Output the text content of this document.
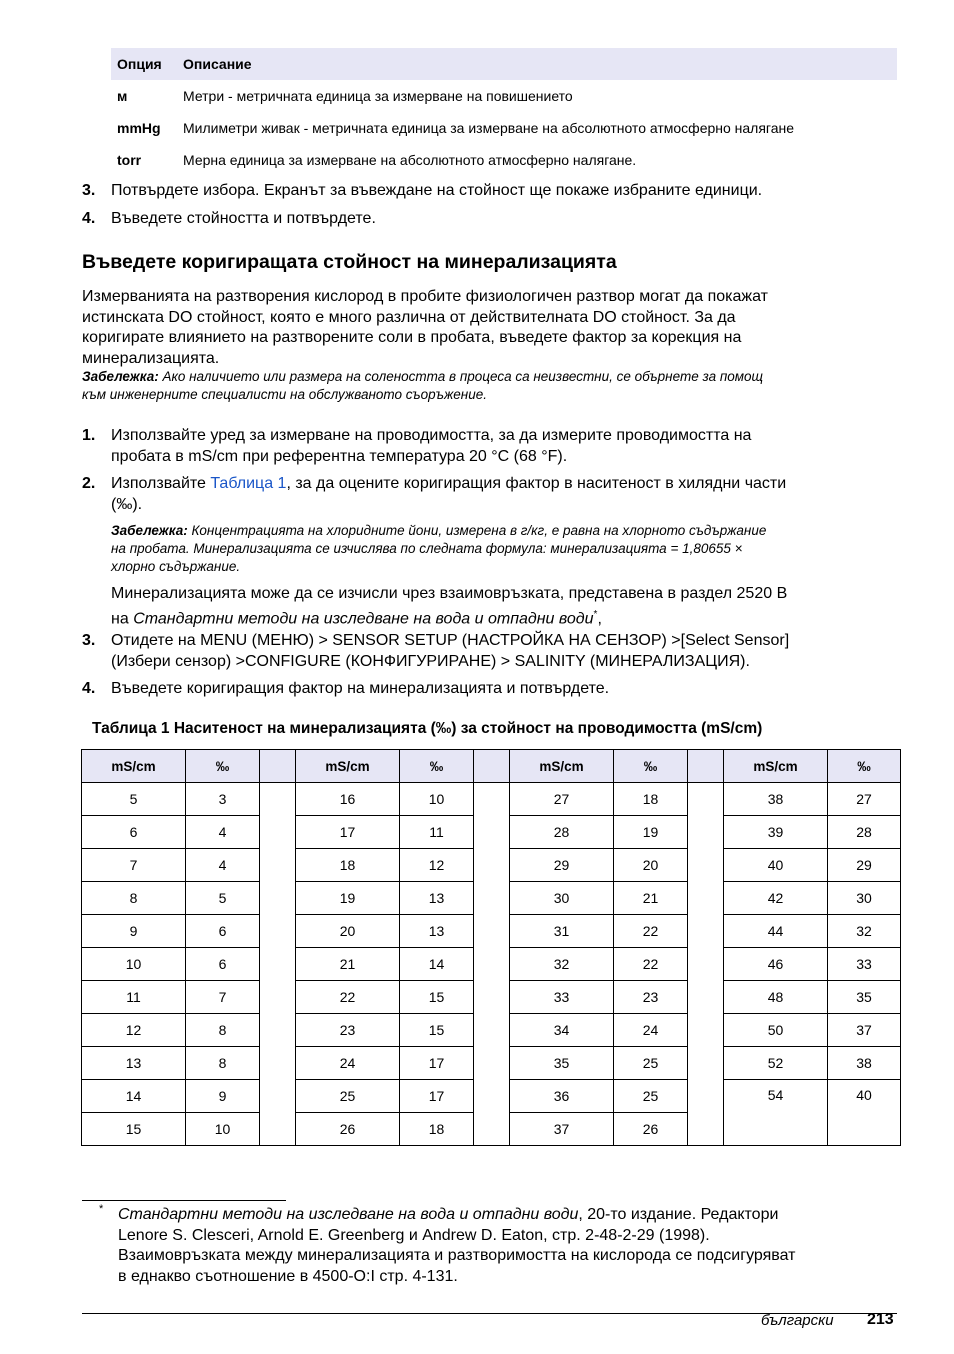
Опция	Описание
м	Метри - метричната единица за измерване на повишението
mmHg	Милиметри живак - метричната единица за измерване на абсолютното атмосферно налягане
torr	Мерна единица за измерване на абсолютното атмосферно налягане.
3. Потвърдете избора. Екранът за въвеждане на стойност ще покаже избраните единици.
4. Въведете стойността и потвърдете.
Въведете коригиращата стойност на минерализацията
Измерванията на разтворения кислород в пробите физиологичен разтвор могат да покажат
истинската DO стойност, която е много различна от действителната DO стойност. За да
коригирате влиянието на разтворените соли в пробата, въведете фактор за корекция на
минерализацията.
Забележка: Ако наличието или размера на солеността в процеса са неизвестни, се обърнете за помощ
към инженерните специалисти на обслужваното съоръжение.
1. Използвайте уред за измерване на проводимостта, за да измерите проводимостта на
пробата в mS/cm при референтна температура 20 °C (68 °F).
2. Използвайте Таблица 1, за да оцените коригиращия фактор в наситеност в хилядни части
(‰).
Забележка: Концентрацията на хлоридните йони, измерена в г/кг, е равна на хлорното съдържание
на пробата. Минерализацията се изчислява по следната формула: минерализацията = 1,80655 ×
хлорно съдържание.
Минерализацията може да се изчисли чрез взаимовръзката, представена в раздел 2520 B
на Стандартни методи на изследване на вода и отпадни води*,
3. Отидете на MENU (МЕНЮ) > SENSOR SETUP (НАСТРОЙКА НА СЕНЗОР) >[Select Sensor]
(Избери сензор) >CONFIGURE (КОНФИГУРИРАНЕ) > SALINITY (МИНЕРАЛИЗАЦИЯ).
4. Въведете коригиращия фактор на минерализацията и потвърдете.
Таблица 1 Наситеност на минерализацията (‰) за стойност на проводимостта (mS/cm)
mS/cm	‰		mS/cm	‰		mS/cm	‰		mS/cm	‰
5	3		16	10		27	18		38	27
6	4		17	11		28	19		39	28
7	4		18	12		29	20		40	29
8	5		19	13		30	21		42	30
9	6		20	13		31	22		44	32
10	6		21	14		32	22		46	33
11	7		22	15		33	23		48	35
12	8		23	15		34	24		50	37
13	8		24	17		35	25		52	38
14	9		25	17		36	25		54	40
15	10		26	18		37	26			
* Стандартни методи на изследване на вода и отпадни води, 20-то издание. Редактори
Lenore S. Clesceri, Arnold E. Greenberg и Andrew D. Eaton, стр. 2-48-2-29 (1998).
Взаимовръзката между минерализацията и разтворимостта на кислорода се подсигуряват
в еднакво съотношение в 4500-O:I стр. 4-131.
български 213
